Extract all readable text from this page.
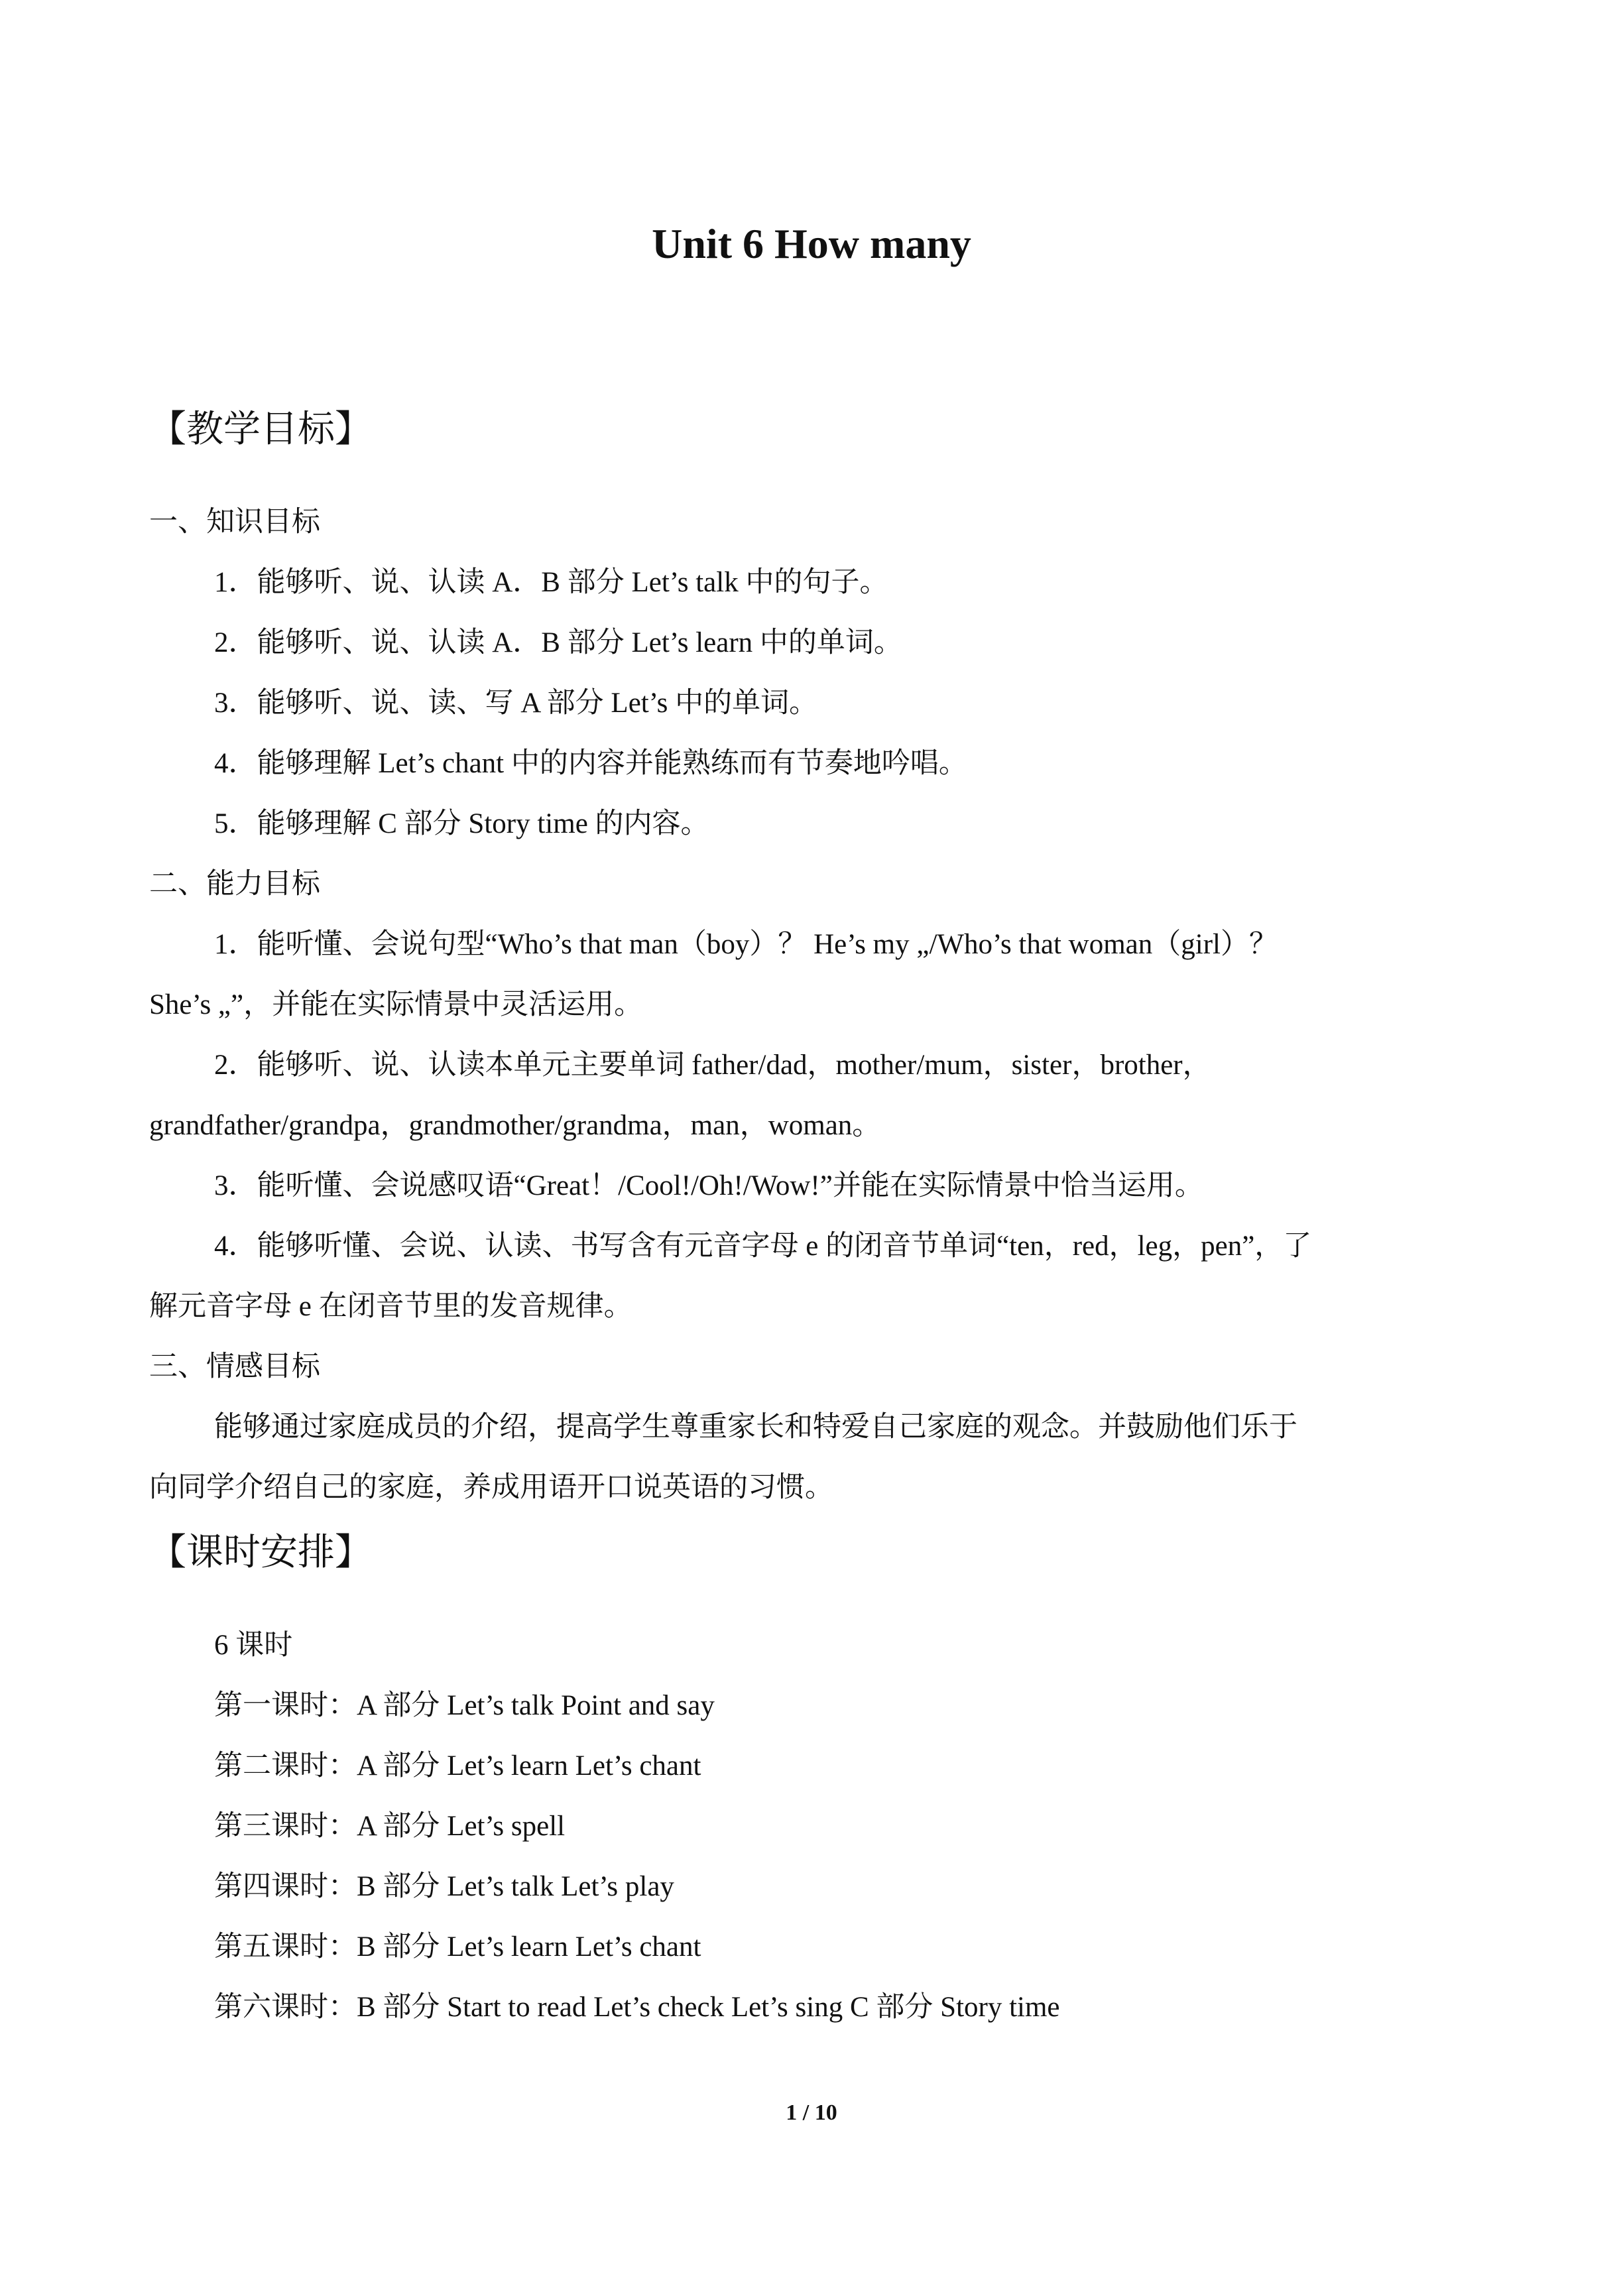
Unit 6 How many
【教学目标】
一、知识目标
1．能够听、说、认读 A．B 部分 Let’s talk 中的句子。
2．能够听、说、认读 A．B 部分 Let’s learn 中的单词。
3．能够听、说、读、写 A 部分 Let’s 中的单词。
4．能够理解 Let’s chant 中的内容并能熟练而有节奏地吟唱。
5．能够理解 C 部分 Story time 的内容。
二、能力目标
1．能听懂、会说句型“Who’s that man（boy）？ He’s my „/Who’s that woman（girl）？
She’s „”，并能在实际情景中灵活运用。
2．能够听、说、认读本单元主要单词 father/dad，mother/mum，sister，brother，
grandfather/grandpa，grandmother/grandma，man，woman。
3．能听懂、会说感叹语“Great！/Cool!/Oh!/Wow!”并能在实际情景中恰当运用。
4．能够听懂、会说、认读、书写含有元音字母 e 的闭音节单词“ten，red，leg，pen”，了
解元音字母 e 在闭音节里的发音规律。
三、情感目标
能够通过家庭成员的介绍，提高学生尊重家长和特爱自己家庭的观念。并鼓励他们乐于
向同学介绍自己的家庭，养成用语开口说英语的习惯。
【课时安排】
6 课时
第一课时：A 部分 Let’s talk Point and say
第二课时：A 部分 Let’s learn Let’s chant
第三课时：A 部分 Let’s spell
第四课时：B 部分 Let’s talk Let’s play
第五课时：B 部分 Let’s learn Let’s chant
第六课时：B 部分 Start to read Let’s check Let’s sing C 部分 Story time
1 / 10
